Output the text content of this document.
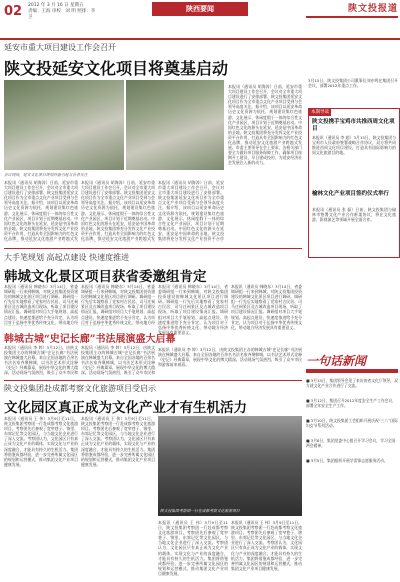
02 2012 年 3 月 16 日 星期五
责编：王海 审校：刘 明 照排：李 卫
陕西要闻	陕文投报道
延安市重大项目建设工作会召开
陕文投延安文化项目将奠基启动
会议现场，延安文化项目规划沙盘引起与会者关注
本报讯（通讯员 胡海涛）日前，延安市重大项目建设工作会召开，会议对全市重大项目建设进行了安排部署。陕文投集团延安文化项目作为全市重点文化产业项目受到与会领导高度关注。据介绍，该项目以延安革命历史文化资源为依托，规划建设集红色旅游、文化展示、休闲度假于一体的综合性文化产业园区，项目计划于近期奠基启动。中国红色文化的源头在延安，延安是中国革命的圣地，陕文投集团将充分发挥文化产业投资平台作用，打造具有全国影响力的红色文化品牌，推动延安文化旅游产业跨越式发
本报讯（通讯员 胡海涛）日前，延安市重大项目建设工作会召开，会议对全市重大项目建设进行了安排部署。陕文投集团延安文化项目作为全市重点文化产业项目受到与会领导高度关注。据介绍，该项目以延安革命历史文化资源为依托，规划建设集红色旅游、文化展示、休闲度假于一体的综合性文化产业园区，项目计划于近期奠基启动。中国红色文化的源头在延安，延安是中国革命的圣地，陕文投集团将充分发挥文化产业投资平台作用，打造具有全国影响力的红色文化品牌，推动延安文化旅游产业跨越式发
本报讯（通讯员 胡海涛）日前，延安市重大项目建设工作会召开，会议对全市重大项目建设进行了安排部署。陕文投集团延安文化项目作为全市重点文化产业项目受到与会领导高度关注。据介绍，该项目以延安革命历史文化资源为依托，规划建设集红色旅游、文化展示、休闲度假于一体的综合性文化产业园区，项目计划于近期奠基启动。中国红色文化的源头在延安，延安是中国革命的圣地，陕文投集团将充分发挥文化产业投资平台作
本报讯（通讯员 胡海涛）日前，延安市重大项目建设工作会召开，会议对全市重大项目建设进行了安排部署。陕文投集团延安文化项目作为全市重点文化产业项目受到与会领导高度关注。据介绍，该项目以延安革命历史文化资源为依托，规划建设集红色旅游、文化展示、休闲度假于一体的综合性文化产业园区，项目计划于近期奠基启动。中国红色文化的源头在延安，延安是中国革命的圣地，陕文投集团将充分发挥文化产业投资平台作用，打造具有全国影响力的红色文化品牌，推动延安文化旅游产业跨越式发展。市委主要领导在会上要求，各相关部门要全力做好项目服务保障工作，确保项目按期开工建设，早日建成投用，为延安经济社会发展注入新的动力。
3月15日，陕文投集团公司董事长刘亦鸣在集团召开会议，部署2012年重点工作。
本期导读
陕文投携手宝鸡市共推西周文化项目
本报讯（通讯员 李 超）3月15日，陕文投集团与宝鸡市人民政府签署战略合作协议，双方将共同推进西周文化项目建设，打造具有国际影响力的周文化旅游目的地。
榆林文化产业项目签约仪式举行
本报讯（通讯员 张 磊）日前，陕文投集团与榆林市签署文化产业合作框架协议，将在文化旅游、影视演艺等领域开展全面合作。
大手笔规划 高起点建设 快速度推进
韩城文化景区项目获省委邀组肯定
本报讯（通讯员 韩晓东）3月14日，省委调研组一行来到韩城，对陕文投集团投资建设的韩城文化景区项目进行调研。调研组一行先后实地察看了党家村古民居、司马迁祠景区及古城改造项目现场，听取了项目建设情况汇报。调研组对项目大手笔规划、高起点建设、快速度推进给予充分肯定，认为项目对于弘扬中华优秀传统文化、带动地方经
本报讯（通讯员 韩晓东）3月14日，省委调研组一行来到韩城，对陕文投集团投资建设的韩城文化景区项目进行调研。调研组一行先后实地察看了党家村古民居、司马迁祠景区及古城改造项目现场，听取了项目建设情况汇报。调研组对项目大手笔规划、高起点建设、快速度推进给予充分肯定，认为项目对于弘扬中华优秀传统文化、带动地方经
本报讯（通讯员 韩晓东）3月14日，省委调研组一行来到韩城，对陕文投集团投资建设的韩城文化景区项目进行调研。调研组一行先后实地察看了党家村古民居、司马迁祠景区及古城改造项目现场，听取了项目建设情况汇报。调研组对项目大手笔规划、高起点建设、快速度推进给予充分肯定，认为项目对于弘扬中华优秀传统文化、带动地方经济发展具有重要意义。
本报讯（通讯员 韩晓东）3月14日，省委调研组一行来到韩城，对陕文投集团投资建设的韩城文化景区项目进行调研。调研组一行先后实地察看了党家村古民居、司马迁祠景区及古城改造项目现场，听取了项目建设情况汇报。调研组对项目大手笔规划、高起点建设、快速度推进给予充分肯定，认为项目对于弘扬中华优秀传统文化、带动地方经济发展具有重要意义。
韩城古城“史记长廊”书法展演盛大启幕
本报讯（通讯员 李 婷）3月12日，由陕文投集团主办的韩城古城“史记长廊”书法展演在韩城盛大启幕。来自全国各地的百余名书法名家齐聚韩城，以书法艺术形式诠释《史记》经典篇章，展现中华文化的博大精深。活动现场气氛热烈，吸引了众多市民和
本报讯（通讯员 李 婷）3月12日，由陕文投集团主办的韩城古城“史记长廊”书法展演在韩城盛大启幕。来自全国各地的百余名书法名家齐聚韩城，以书法艺术形式诠释《史记》经典篇章，展现中华文化的博大精深。活动现场气氛热烈，吸引了众多市民和
本报讯（通讯员 李 婷）3月12日，由陕文投集团主办的韩城古城“史记长廊”书法展演在韩城盛大启幕。来自全国各地的百余名书法名家齐聚韩城，以书法艺术形式诠释《史记》经典篇章，展现中华文化的博大精深。活动现场气氛热烈，吸引了众多市民和游客前来观看。
陕文投集团赴成都考察文化旅游项目受启示
文化园区真正成为文化产业才有生机活力
本报讯（通讯员 王 伟）3月9日至11日，陕文投集团考察团一行赴成都考察文化旅游项目。考察团先后参观了宽窄巷子、锦里、东郊记忆等文化园区，与当地文化企业进行了深入交流。考察团认为，文化园区只有真正成为文化产业的载体，实现文化与产业的深度融合，才能具有持久的生机活力。集团将借鉴成都经验，进一步完善所属文化园区的规划和运营模式，推动集团文化产业项目健康发展。
本报讯（通讯员 王 伟）3月9日至11日，陕文投集团考察团一行赴成都考察文化旅游项目。考察团先后参观了宽窄巷子、锦里、东郊记忆等文化园区，与当地文化企业进行了深入交流。考察团认为，文化园区只有真正成为文化产业的载体，实现文化与产业的深度融合，才能具有持久的生机活力。集团将借鉴成都经验，进一步完善所属文化园区的规划和运营模式，推动集团文化产业项目健康发展。
陕文投集团考察团一行在成都考察文化旅游项目
本报讯（通讯员 王 伟）3月9日至11日，陕文投集团考察团一行赴成都考察文化旅游项目。考察团先后参观了宽窄巷子、锦里、东郊记忆等文化园区，与当地文化企业进行了深入交流。考察团认为，文化园区只有真正成为文化产业的载体，实现文化与产业的深度融合，才能具有持久的生机活力。集团将借鉴成都经验，进一步完善所属文化园区的规划和运营模式，推动集团文化产业项目健康发展。
本报讯（通讯员 王 伟）3月9日至11日，陕文投集团考察团一行赴成都考察文化旅游项目。考察团先后参观了宽窄巷子、锦里、东郊记忆等文化园区，与当地文化企业进行了深入交流。考察团认为，文化园区只有真正成为文化产业的载体，实现文化与产业的深度融合，才能具有持久的生机活力。集团将借鉴成都经验，进一步完善所属文化园区的规划和运营模式，推动集团文化产业项目健康发展。
一句话新闻
■ 3月13日，集团领导会见了来访的省文化厅领导，双方就文化产业合作进行了交流。
■ 3月12日，集团召开2012年度安全生产工作会议，部署全年安全生产工作。
■ 3月10日，陕文投集团工会组织开展庆祝“三八”国际妇女节系列活动。
■ 3月8日，集团党委中心组召开学习会议，学习全国两会精神。
■ 3月5日，集团组织开展学雷锋志愿服务活动。
